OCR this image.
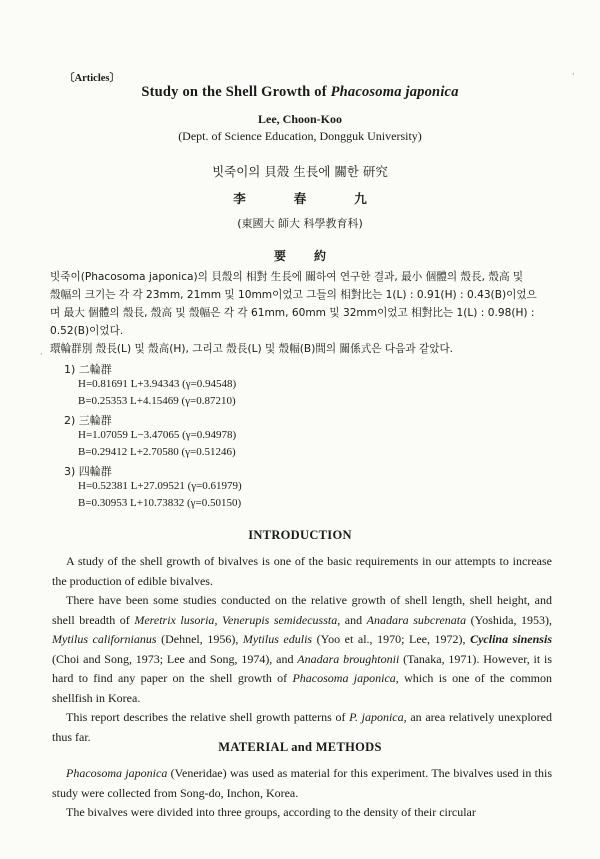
〔Articles〕
Study on the Shell Growth of Phacosoma japonica
Lee, Choon-Koo
(Dept. of Science Education, Dongguk University)
빗죽이의 貝殼 生長에 關한 研究
李春九
(東國大 師大 科學教育科)
要約
빗죽이(Phacosoma japonica)의 貝殼의 相對 生長에 關하여 연구한 결과, 最小 個體의 殼長, 殼高 및
殼幅의 크기는 각 각 23mm, 21mm 및 10mm이었고 그들의 相對比는 1(L) : 0.91(H) : 0.43(B)이었으
며 最大 個體의 殼長, 殼高 및 殼幅은 각 각 61mm, 60mm 및 32mm이었고 相對比는 1(L) : 0.98(H) :
0.52(B)이었다.
環輪群別 殼長(L) 및 殼高(H), 그리고 殼長(L) 및 殼幅(B)間의 關係式은 다음과 같았다.
1) 二輪群
H=0.81691 L+3.94343 (γ=0.94548)
B=0.25353 L+4.15469 (γ=0.87210)
2) 三輪群
H=1.07059 L−3.47065 (γ=0.94978)
B=0.29412 L+2.70580 (γ=0.51246)
3) 四輪群
H=0.52381 L+27.09521 (γ=0.61979)
B=0.30953 L+10.73832 (γ=0.50150)
INTRODUCTION

A study of the shell growth of bivalves is one of the basic requirements in our attempts to increase the production of edible bivalves.

There have been some studies conducted on the relative growth of shell length, shell height, and shell breadth of Meretrix lusoria, Venerupis semidecussta, and Anadara subcrenata (Yoshida, 1953), Mytilus californianus (Dehnel, 1956), Mytilus edulis (Yoo et al., 1970; Lee, 1972), Cyclina sinensis (Choi and Song, 1973; Lee and Song, 1974), and Anadara broughtonii (Tanaka, 1971). However, it is hard to find any paper on the shell growth of Phacosoma japonica, which is one of the common shellfish in Korea.

This report describes the relative shell growth patterns of P. japonica, an area relatively unexplored thus far.

MATERIAL and METHODS

Phacosoma japonica (Veneridae) was used as material for this experiment. The bivalves used in this study were collected from Song-do, Inchon, Korea.

The bivalves were divided into three groups, according to the density of their circular

·
·
